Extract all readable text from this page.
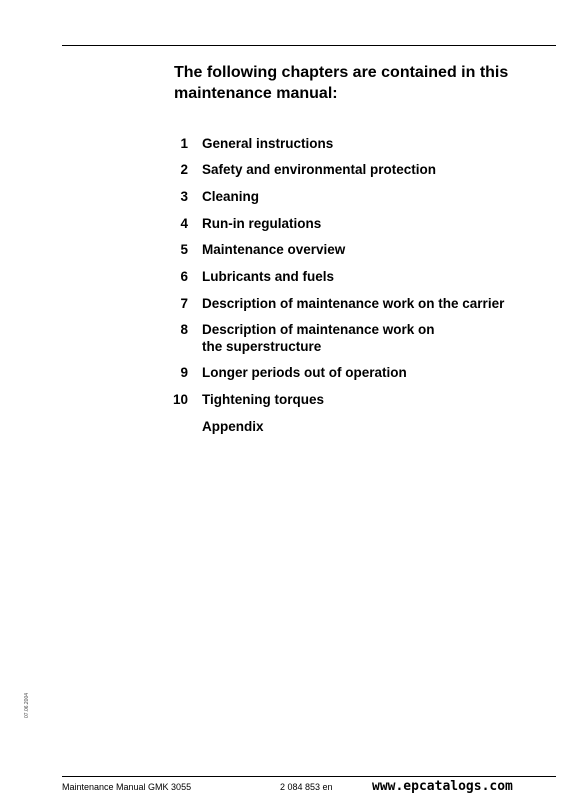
The following chapters are contained in this
maintenance manual:
1 General instructions
2 Safety and environmental protection
3 Cleaning
4 Run-in regulations
5 Maintenance overview
6 Lubricants and fuels
7 Description of maintenance work on the carrier
8 Description of maintenance work on
the superstructure
9 Longer periods out of operation
10 Tightening torques
Appendix
07.06.2004
Maintenance Manual GMK 3055	2 084 853 en	www.epcatalogs.com
